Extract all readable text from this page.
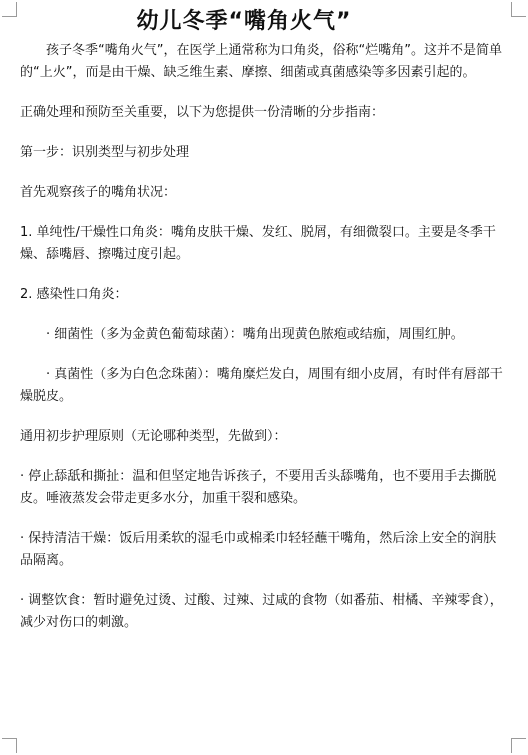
幼儿冬季“嘴角火气”

孩子冬季“嘴角火气”，在医学上通常称为口角炎，俗称“烂嘴角”。这并不是简单的“上火”，而是由干燥、缺乏维生素、摩擦、细菌或真菌感染等多因素引起的。

正确处理和预防至关重要，以下为您提供一份清晰的分步指南：

第一步：识别类型与初步处理

首先观察孩子的嘴角状况：

1. 单纯性/干燥性口角炎：嘴角皮肤干燥、发红、脱屑，有细微裂口。主要是冬季干燥、舔嘴唇、擦嘴过度引起。

2. 感染性口角炎：

· 细菌性（多为金黄色葡萄球菌）：嘴角出现黄色脓疱或结痂，周围红肿。

· 真菌性（多为白色念珠菌）：嘴角糜烂发白，周围有细小皮屑，有时伴有唇部干燥脱皮。

通用初步护理原则（无论哪种类型，先做到）：

· 停止舔舐和撕扯：温和但坚定地告诉孩子，不要用舌头舔嘴角，也不要用手去撕脱皮。唾液蒸发会带走更多水分，加重干裂和感染。

· 保持清洁干燥：饭后用柔软的湿毛巾或棉柔巾轻轻蘸干嘴角，然后涂上安全的润肤品隔离。

· 调整饮食：暂时避免过烫、过酸、过辣、过咸的食物（如番茄、柑橘、辛辣零食），减少对伤口的刺激。
